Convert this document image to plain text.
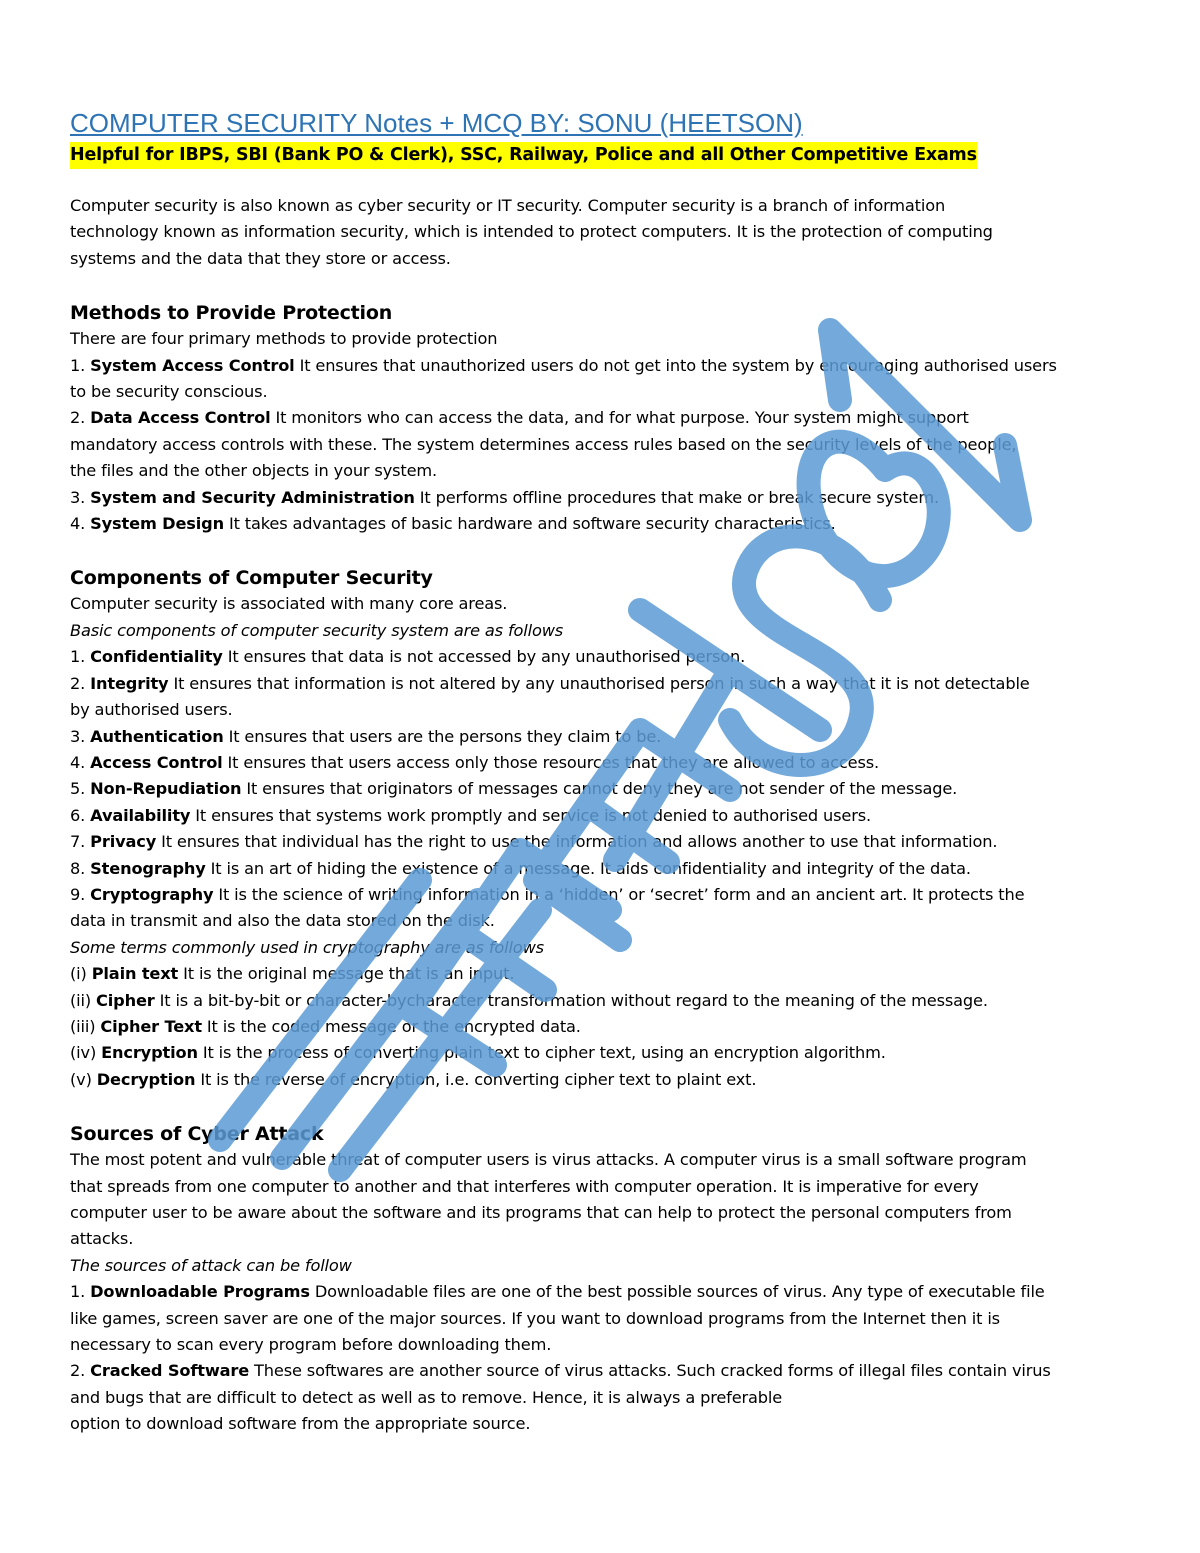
COMPUTER SECURITY Notes + MCQ BY: SONU (HEETSON)
Helpful for IBPS, SBI (Bank PO & Clerk), SSC, Railway, Police and all Other Competitive Exams

Computer security is also known as cyber security or IT security. Computer security is a branch of information

technology known as information security, which is intended to protect computers. It is the protection of computing

systems and the data that they store or access.

Methods to Provide Protection

There are four primary methods to provide protection

1. System Access Control It ensures that unauthorized users do not get into the system by encouraging authorised users

to be security conscious.

2. Data Access Control It monitors who can access the data, and for what purpose. Your system might support

mandatory access controls with these. The system determines access rules based on the security levels of the people,

the files and the other objects in your system.

3. System and Security Administration It performs offline procedures that make or break secure system.

4. System Design It takes advantages of basic hardware and software security characteristics.

Components of Computer Security

Computer security is associated with many core areas.

Basic components of computer security system are as follows

1. Confidentiality It ensures that data is not accessed by any unauthorised person.

2. Integrity It ensures that information is not altered by any unauthorised person in such a way that it is not detectable

by authorised users.

3. Authentication It ensures that users are the persons they claim to be.

4. Access Control It ensures that users access only those resources that they are allowed to access.

5. Non-Repudiation It ensures that originators of messages cannot deny they are not sender of the message.

6. Availability It ensures that systems work promptly and service is not denied to authorised users.

7. Privacy It ensures that individual has the right to use the information and allows another to use that information.

8. Stenography It is an art of hiding the existence of a message. It aids confidentiality and integrity of the data.

9. Cryptography It is the science of writing information in a ‘hidden’ or ‘secret’ form and an ancient art. It protects the

data in transmit and also the data stored on the disk.

Some terms commonly used in cryptography are as follows

(i) Plain text It is the original message that is an input.

(ii) Cipher It is a bit-by-bit or character-bycharacter transformation without regard to the meaning of the message.

(iii) Cipher Text It is the coded message or the encrypted data.

(iv) Encryption It is the process of converting plain text to cipher text, using an encryption algorithm.

(v) Decryption It is the reverse of encryption, i.e. converting cipher text to plaint ext.

Sources of Cyber Attack

The most potent and vulnerable threat of computer users is virus attacks. A computer virus is a small software program

that spreads from one computer to another and that interferes with computer operation. It is imperative for every

computer user to be aware about the software and its programs that can help to protect the personal computers from

attacks.

The sources of attack can be follow

1. Downloadable Programs Downloadable files are one of the best possible sources of virus. Any type of executable file

like games, screen saver are one of the major sources. If you want to download programs from the Internet then it is

necessary to scan every program before downloading them.

2. Cracked Software These softwares are another source of virus attacks. Such cracked forms of illegal files contain virus

and bugs that are difficult to detect as well as to remove. Hence, it is always a preferable

option to download software from the appropriate source.
